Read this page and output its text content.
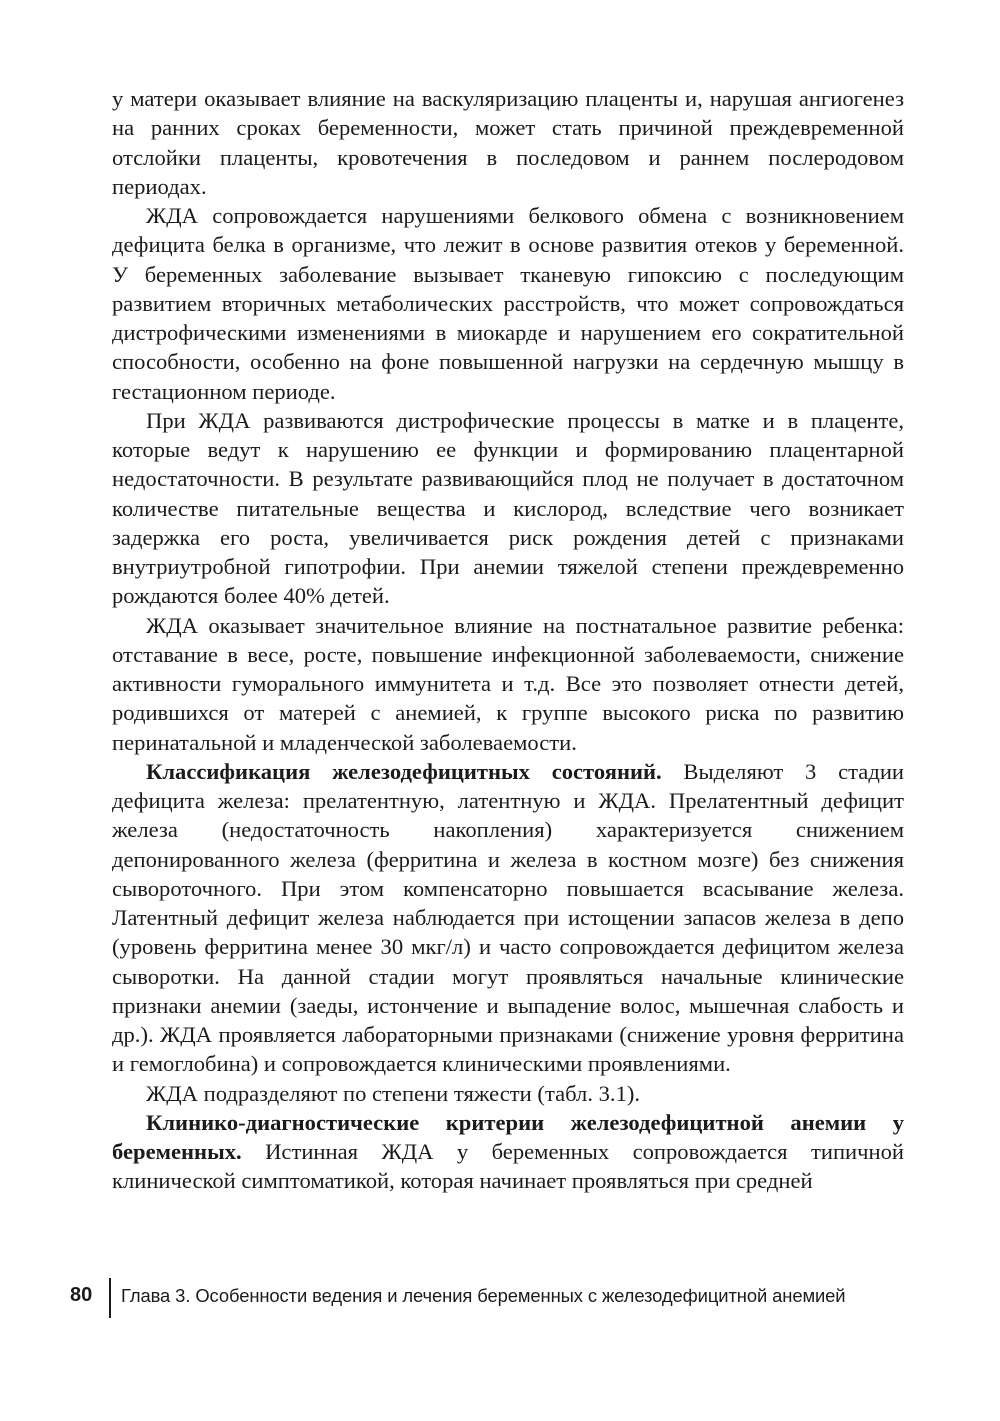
у матери оказывает влияние на васкуляризацию плаценты и, нарушая ангиогенез на ранних сроках беременности, может стать причиной преждевременной отслойки плаценты, кровотечения в последовом и раннем послеродовом периодах.

ЖДА сопровождается нарушениями белкового обмена с возникновением дефицита белка в организме, что лежит в основе развития отеков у беременной. У беременных заболевание вызывает тканевую гипоксию с последующим развитием вторичных метаболических расстройств, что может сопровождаться дистрофическими изменениями в миокарде и нарушением его сократительной способности, особенно на фоне повышенной нагрузки на сердечную мышцу в гестационном периоде.

При ЖДА развиваются дистрофические процессы в матке и в плаценте, которые ведут к нарушению ее функции и формированию плацентарной недостаточности. В результате развивающийся плод не получает в достаточном количестве питательные вещества и кислород, вследствие чего возникает задержка его роста, увеличивается риск рождения детей с признаками внутриутробной гипотрофии. При анемии тяжелой степени преждевременно рождаются более 40% детей.

ЖДА оказывает значительное влияние на постнатальное развитие ребенка: отставание в весе, росте, повышение инфекционной заболеваемости, снижение активности гуморального иммунитета и т.д. Все это позволяет отнести детей, родившихся от матерей с анемией, к группе высокого риска по развитию перинатальной и младенческой заболеваемости.

Классификация железодефицитных состояний. Выделяют 3 стадии дефицита железа: прелатентную, латентную и ЖДА. Прелатентный дефицит железа (недостаточность накопления) характеризуется снижением депонированного железа (ферритина и железа в костном мозге) без снижения сывороточного. При этом компенсаторно повышается всасывание железа. Латентный дефицит железа наблюдается при истощении запасов железа в депо (уровень ферритина менее 30 мкг/л) и часто сопровождается дефицитом железа сыворотки. На данной стадии могут проявляться начальные клинические признаки анемии (заеды, истончение и выпадение волос, мышечная слабость и др.). ЖДА проявляется лабораторными признаками (снижение уровня ферритина и гемоглобина) и сопровождается клиническими проявлениями.

ЖДА подразделяют по степени тяжести (табл. 3.1).

Клинико-диагностические критерии железодефицитной анемии у беременных. Истинная ЖДА у беременных сопровождается типичной клинической симптоматикой, которая начинает проявляться при средней

80 Глава 3. Особенности ведения и лечения беременных с железодефицитной анемией
